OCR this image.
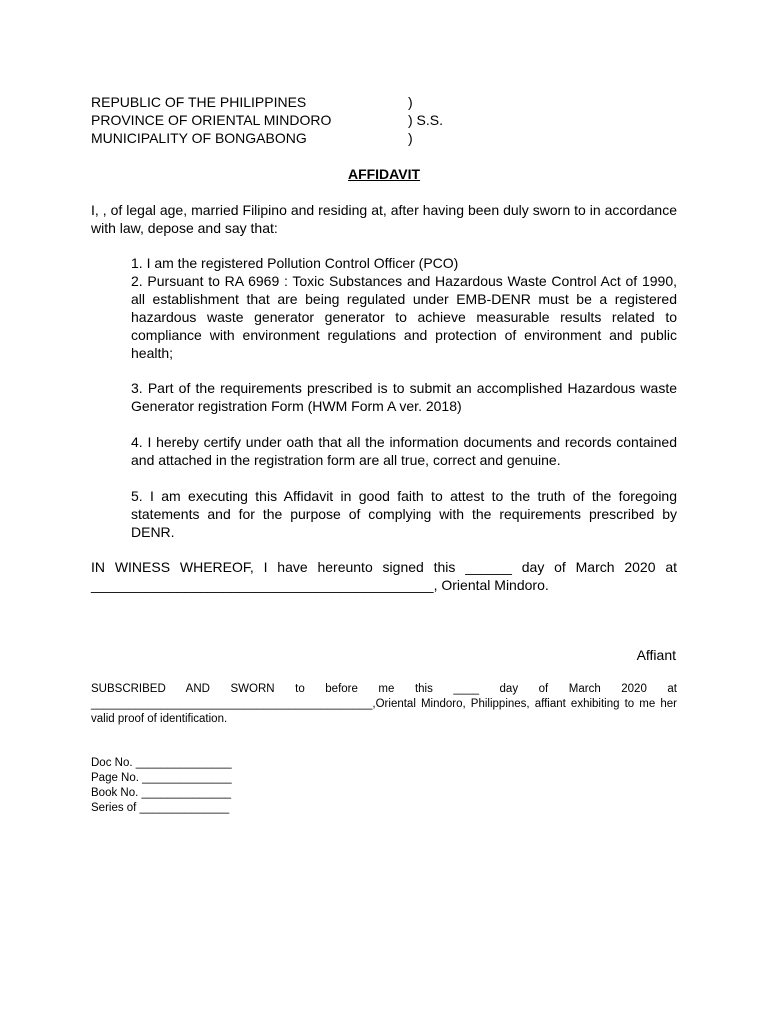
REPUBLIC OF THE PHILIPPINES	)
PROVINCE OF ORIENTAL MINDORO	) S.S.
MUNICIPALITY OF BONGABONG	)
AFFIDAVIT

I, , of legal age, married Filipino and residing at, after having been duly sworn to in accordance with law, depose and say that:

1. I am the registered Pollution Control Officer (PCO)

2. Pursuant to RA 6969 : Toxic Substances and Hazardous Waste Control Act of 1990, all establishment that are being regulated under EMB-DENR must be a registered hazardous waste generator generator to achieve measurable results related to compliance with environment regulations and protection of environment and public health;

3. Part of the requirements prescribed is to submit an accomplished Hazardous waste Generator registration Form (HWM Form A ver. 2018)

4. I hereby certify under oath that all the information documents and records contained and attached in the registration form are all true, correct and genuine.

5. I am executing this Affidavit in good faith to attest to the truth of the foregoing statements and for the purpose of complying with the requirements prescribed by DENR.

IN WINESS WHEREOF, I have hereunto signed this ______ day of March 2020 at ____________________________________________, Oriental Mindoro.

Affiant

SUBSCRIBED AND SWORN to before me this ____ day of March 2020 at ____________________________________________,Oriental Mindoro, Philippines, affiant exhibiting to me her valid proof of identification.

Doc No. _______________
Page No. ______________
Book No. ______________
Series of ______________
